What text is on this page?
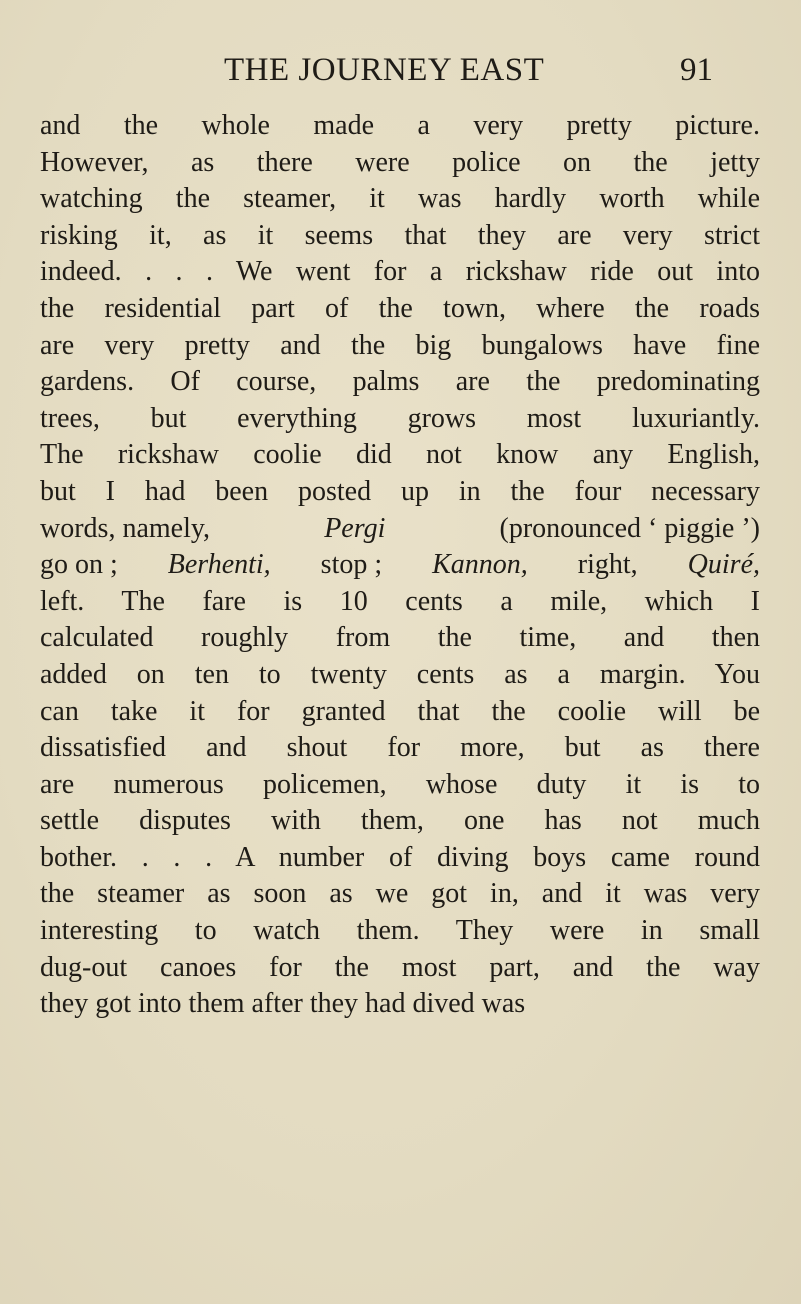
THE JOURNEY EAST	91
and the whole made a very pretty picture.
However, as there were police on the jetty
watching the steamer, it was hardly worth while
risking it, as it seems that they are very strict
indeed. . . . We went for a rickshaw ride out into
the residential part of the town, where the roads
are very pretty and the big bungalows have fine
gardens. Of course, palms are the predominating
trees, but everything grows most luxuriantly.
The rickshaw coolie did not know any English,
but I had been posted up in the four necessary
words, namely,	Pergi	(pronounced ‘ piggie ’)
go on ; Berhenti, stop ; Kannon, right, Quiré,
left. The fare is 10 cents a mile, which I
calculated roughly from the time, and then
added on ten to twenty cents as a margin. You
can take it for granted that the coolie will be
dissatisfied and shout for more, but as there
are numerous policemen, whose duty it is to
settle disputes with them, one has not much
bother. . . . A number of diving boys came round
the steamer as soon as we got in, and it was very
interesting to watch them. They were in small
dug-out canoes for the most part, and the way
they got into them after they had dived was
